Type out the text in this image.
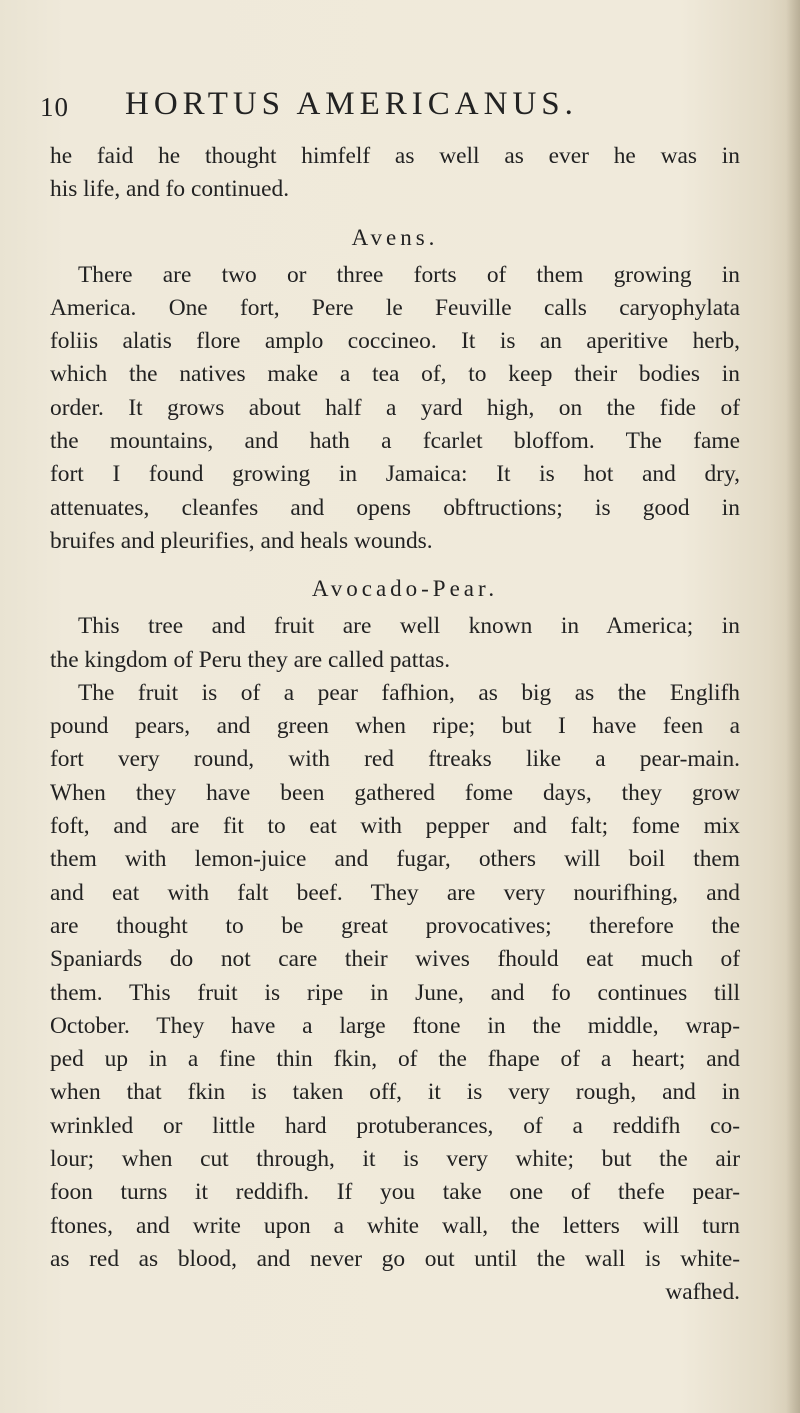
10 HORTUS AMERICANUS.
he faid he thought himfelf as well as ever he was in
his life, and fo continued.
Avens.
There are two or three forts of them growing in
America. One fort, Pere le Feuville calls caryophylata
foliis alatis flore amplo coccineo. It is an aperitive herb,
which the natives make a tea of, to keep their bodies in
order. It grows about half a yard high, on the fide of
the mountains, and hath a fcarlet bloffom. The fame
fort I found growing in Jamaica: It is hot and dry,
attenuates, cleanfes and opens obftructions; is good in
bruifes and pleurifies, and heals wounds.
Avocado-Pear.
This tree and fruit are well known in America; in
the kingdom of Peru they are called pattas.
The fruit is of a pear fafhion, as big as the Englifh
pound pears, and green when ripe; but I have feen a
fort very round, with red ftreaks like a pear-main.
When they have been gathered fome days, they grow
foft, and are fit to eat with pepper and falt; fome mix
them with lemon-juice and fugar, others will boil them
and eat with falt beef. They are very nourifhing, and
are thought to be great provocatives; therefore the
Spaniards do not care their wives fhould eat much of
them. This fruit is ripe in June, and fo continues till
October. They have a large ftone in the middle, wrap-
ped up in a fine thin fkin, of the fhape of a heart; and
when that fkin is taken off, it is very rough, and in
wrinkled or little hard protuberances, of a reddifh co-
lour; when cut through, it is very white; but the air
foon turns it reddifh. If you take one of thefe pear-
ftones, and write upon a white wall, the letters will turn
as red as blood, and never go out until the wall is white-
wafhed.
